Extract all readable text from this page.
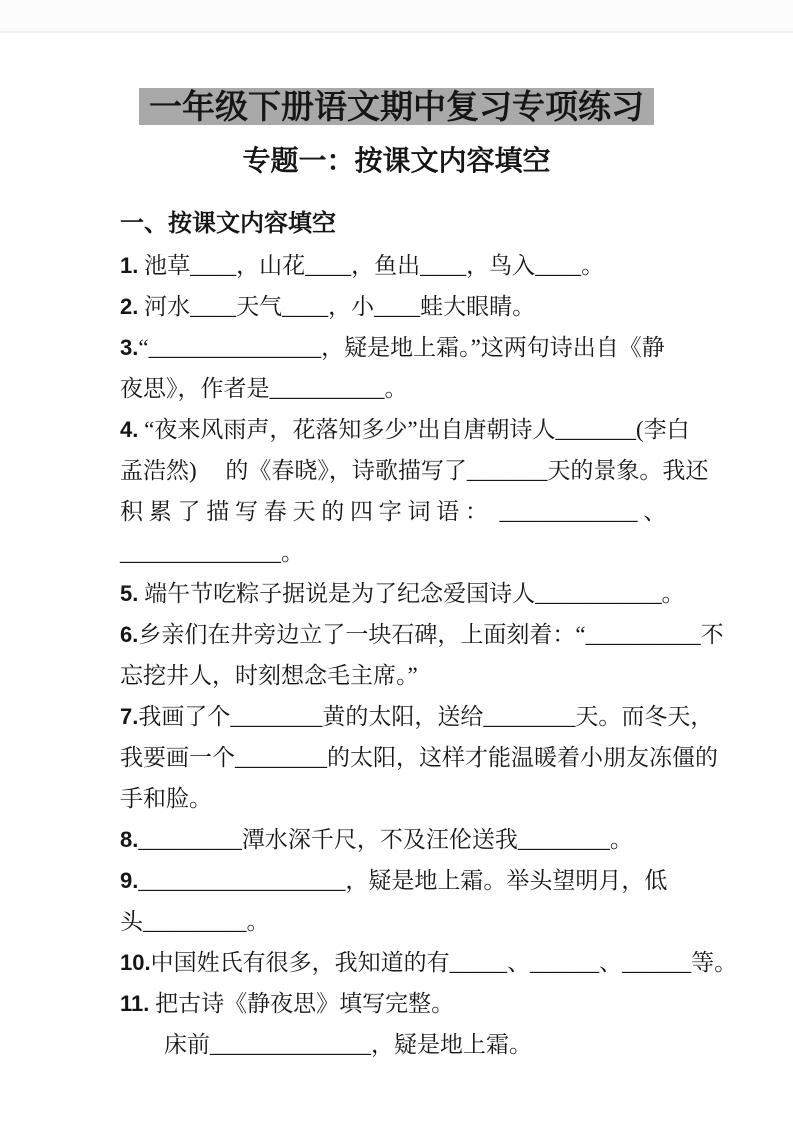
一年级下册语文期中复习专项练习
专题一：按课文内容填空
一、按课文内容填空
1. 池草____，山花____，鱼出____，鸟入____。
2. 河水____天气____，小____蛙大眼睛。
3.“_______________，疑是地上霜。”这两句诗出自《静
夜思》，作者是__________。
4. “夜来风雨声，花落知多少”出自唐朝诗人_______(李白
孟浩然)　 的《春晓》，诗歌描写了_______天的景象。我还
积 累 了 描 写 春 天 的 四 字 词 语 ：  ____________ 、
______________。
5. 端午节吃粽子据说是为了纪念爱国诗人___________。
6.乡亲们在井旁边立了一块石碑，上面刻着：“__________不
忘挖井人，时刻想念毛主席。”
7.我画了个________黄的太阳，送给________天。而冬天，
我要画一个________的太阳，这样才能温暖着小朋友冻僵的
手和脸。
8._________潭水深千尺，不及汪伦送我________。
9.__________________，疑是地上霜。举头望明月，低
头_________。
10.中国姓氏有很多，我知道的有_____、______、______等。
11. 把古诗《静夜思》填写完整。
床前______________，疑是地上霜。
